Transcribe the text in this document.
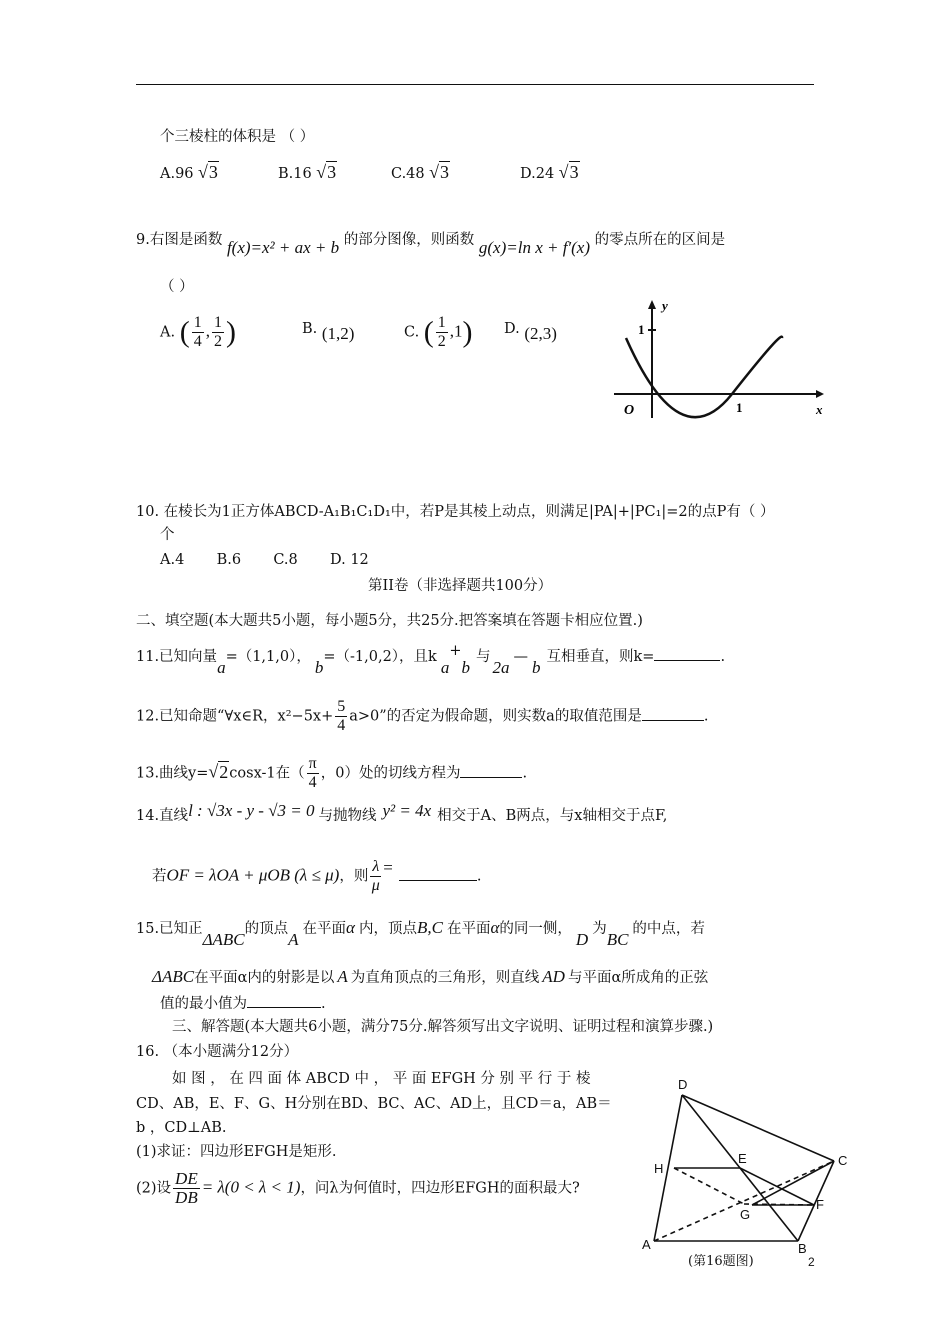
个三棱柱的体积是 （ ）
A.96 √3	B.16 √3	C.48 √3	D.24 √3
9.右图是函数 f(x)=x² + ax + b 的部分图像，则函数 g(x)=ln x + f′(x) 的零点所在的区间是
（ ）
A. ( $\frac{1}{4}$ , $\frac{1}{2}$ )	B. (1,2)	C. ( $\frac{1}{2} ,1$) D. (2,3)
y
x
O
1
1
10. 在棱长为1正方体ABCD-A₁B₁C₁D₁中，若P是其棱上动点，则满足|PA|+|PC₁|=2的点P有（ ）
个
A.4       B.6       C.8       D. 12
第II卷（非选择题共100分）
二、填空题(本大题共5小题，每小题5分，共25分.把答案填在答题卡相应位置.)
11.已知向量a=（1,1,0），b=（-1,0,2），且ka+b与2a—b互相垂直，则k=	.
12.已知命题“∀x∈R，$x^2-5x+ \frac{5}{4} a>0$”的否定为假命题，则实数a的取值范围是	.
13.曲线y=√2cosx-1在（ $\frac{\pi}{4}$ ，0）处的切线方程为	.
14.直线l : √3x - y - √3 = 0 与抛物线 y² = 4x 相交于A、B两点，与x轴相交于点F,
若OF = λOA + μOB (λ ≤ μ)，则 $\frac{\lambda}{\mu}$ =	.
15.已知正ΔABC的顶点A在平面α 内，顶点B,C 在平面α的同一侧，D为BC的中点，若
ΔABC在平面α内的射影是以 A 为直角顶点的三角形，则直线 AD 与平面α所成角的正弦
值的最小值为	.
三、解答题(本大题共6小题，满分75分.解答须写出文字说明、证明过程和演算步骤.)
16. （本小题满分12分）
如 图 ， 在 四 面 体 ABCD 中 ， 平 面 EFGH 分 别 平 行 于 棱
CD、AB，E、F、G、H分别在BD、BC、AC、AD上，且CD＝a，AB＝
b ，CD⊥AB.
(1)求证：四边形EFGH是矩形.
(2)设 $\frac{DE}{DB} = \lambda(0 < \lambda < 1)$，问λ为何值时，四边形EFGH的面积最大?
D
C
H
E
F
G
A	B
(第16题图)	2
